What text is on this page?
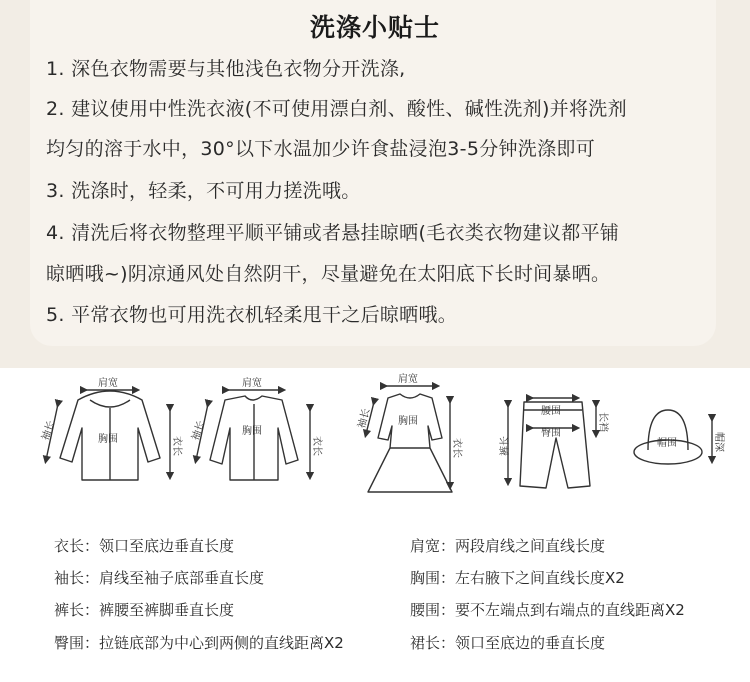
洗涤小贴士
1. 深色衣物需要与其他浅色衣物分开洗涤,
2. 建议使用中性洗衣液(不可使用漂白剂、酸性、碱性洗剂)并将洗剂
均匀的溶于水中，30°以下水温加少许食盐浸泡3-5分钟洗涤即可
3. 洗涤时，轻柔，不可用力搓洗哦。
4. 清洗后将衣物整理平顺平铺或者悬挂晾晒(毛衣类衣物建议都平铺
晾晒哦~)阴凉通风处自然阴干，尽量避免在太阳底下长时间暴晒。
5. 平常衣物也可用洗衣机轻柔甩干之后晾晒哦。
肩宽
胸围
袖长
衣长
肩宽
胸围
袖长
衣长
肩宽
胸围
袖长
衣长
腰围
臀围
裤长
长裆
帽围	帽深
衣长：领口至底边垂直长度	肩宽：两段肩线之间直线长度
袖长：肩线至袖子底部垂直长度	胸围：左右腋下之间直线长度X2
裤长：裤腰至裤脚垂直长度	腰围：要不左端点到右端点的直线距离X2
臀围：拉链底部为中心到两侧的直线距离X2	裙长：领口至底边的垂直长度
